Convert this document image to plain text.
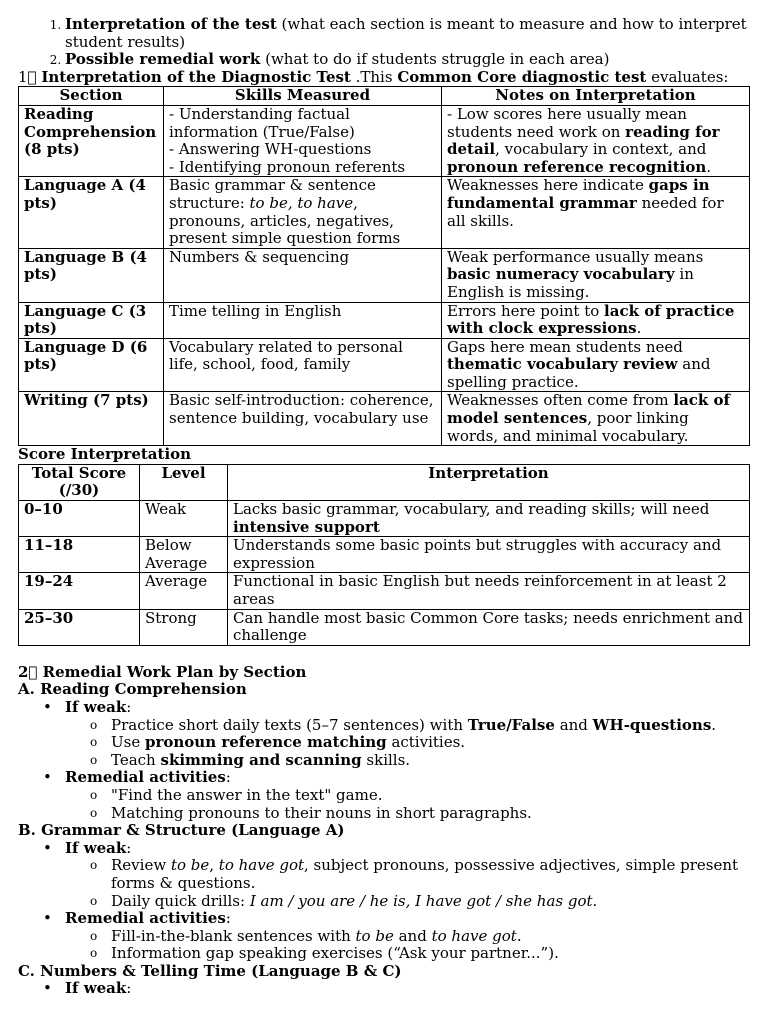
1. Interpretation of the test (what each section is meant to measure and how to interpret student results)
2. Possible remedial work (what to do if students struggle in each area)

1⃣ Interpretation of the Diagnostic Test .This Common Core diagnostic test evaluates:

Section	Skills Measured	Notes on Interpretation
Reading Comprehension (8 pts)	- Understanding factual information (True/False)
- Answering WH-questions
- Identifying pronoun referents	- Low scores here usually mean students need work on reading for detail, vocabulary in context, and pronoun reference recognition.
Language A (4 pts)	Basic grammar & sentence structure: to be, to have, pronouns, articles, negatives, present simple question forms	Weaknesses here indicate gaps in fundamental grammar needed for all skills.
Language B (4 pts)	Numbers & sequencing	Weak performance usually means basic numeracy vocabulary in English is missing.
Language C (3 pts)	Time telling in English	Errors here point to lack of practice with clock expressions.
Language D (6 pts)	Vocabulary related to personal life, school, food, family	Gaps here mean students need thematic vocabulary review and spelling practice.
Writing (7 pts)	Basic self-introduction: coherence, sentence building, vocabulary use	Weaknesses often come from lack of model sentences, poor linking words, and minimal vocabulary.

Score Interpretation

Total Score (/30)	Level	Interpretation
0–10	Weak	Lacks basic grammar, vocabulary, and reading skills; will need intensive support
11–18	Below Average	Understands some basic points but struggles with accuracy and expression
19–24	Average	Functional in basic English but needs reinforcement in at least 2 areas
25–30	Strong	Can handle most basic Common Core tasks; needs enrichment and challenge

2⃣ Remedial Work Plan by Section

A. Reading Comprehension

• If weak:
o Practice short daily texts (5–7 sentences) with True/False and WH-questions.
o Use pronoun reference matching activities.
o Teach skimming and scanning skills.
• Remedial activities:
o "Find the answer in the text" game.
o Matching pronouns to their nouns in short paragraphs.

B. Grammar & Structure (Language A)

• If weak:
o Review to be, to have got, subject pronouns, possessive adjectives, simple present forms & questions.
o Daily quick drills: I am / you are / he is, I have got / she has got.
• Remedial activities:
o Fill-in-the-blank sentences with to be and to have got.
o Information gap speaking exercises (“Ask your partner...”).

C. Numbers & Telling Time (Language B & C)

• If weak:
